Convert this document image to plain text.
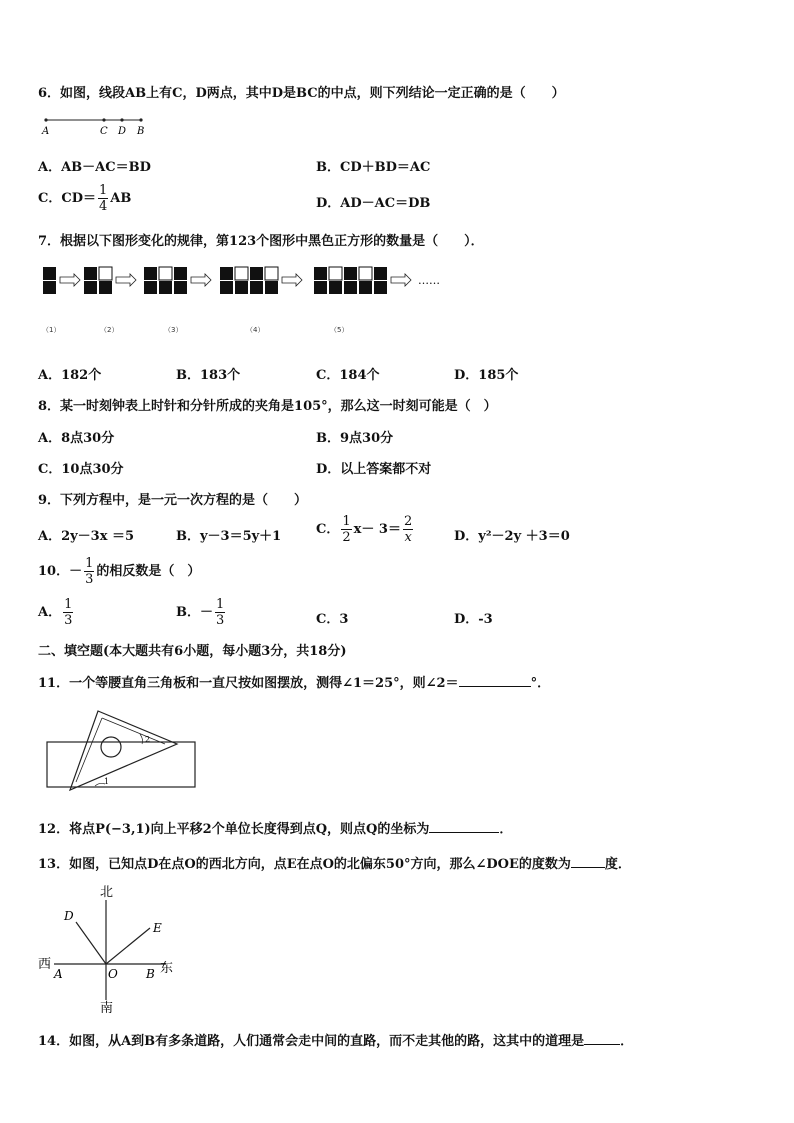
6．如图，线段AB上有C，D两点，其中D是BC的中点，则下列结论一定正确的是（　　）
A	C D B
A．AB－AC＝BD	B．CD＋BD＝AC
C．$CD= \frac{1}{4}$ AB	D．AD－AC＝DB
7．根据以下图形变化的规律，第123个图形中黑色正方形的数量是（　　）．
……
（1）	（2）	（3）	（4）	（5）
A．182个	B．183个	C．184个	D．185个
8．某一时刻钟表上时针和分针所成的夹角是105°，那么这一时刻可能是（　）
A．8点30分	B．9点30分
C．10点30分	D．以上答案都不对
9．下列方程中，是一元一次方程的是（　　）
A．2y－3x ＝5	B．y－3＝5y＋1	C． $\frac{1}{2} x- 3= \frac{2}{x}$	D．y²－2y ＋3＝0
10．－ $\frac{1}{3}$ 的相反数是（　）
A． $\frac{1}{3}$	B．－ $\frac{1}{3}$	C．3	D．-3
二、填空题(本大题共有6小题，每小题3分，共18分)
11．一个等腰直角三角板和一直尺按如图摆放，测得∠1＝25°，则∠2＝	°．
2
1
12．将点P(−3,1)向上平移2个单位长度得到点Q，则点Q的坐标为	．
13．如图，已知点D在点O的西北方向，点E在点O的北偏东50°方向，那么∠DOE的度数为	度．
北
南
西	东
D
E
A	O B
14．如图，从A到B有多条道路，人们通常会走中间的直路，而不走其他的路，这其中的道理是	．
